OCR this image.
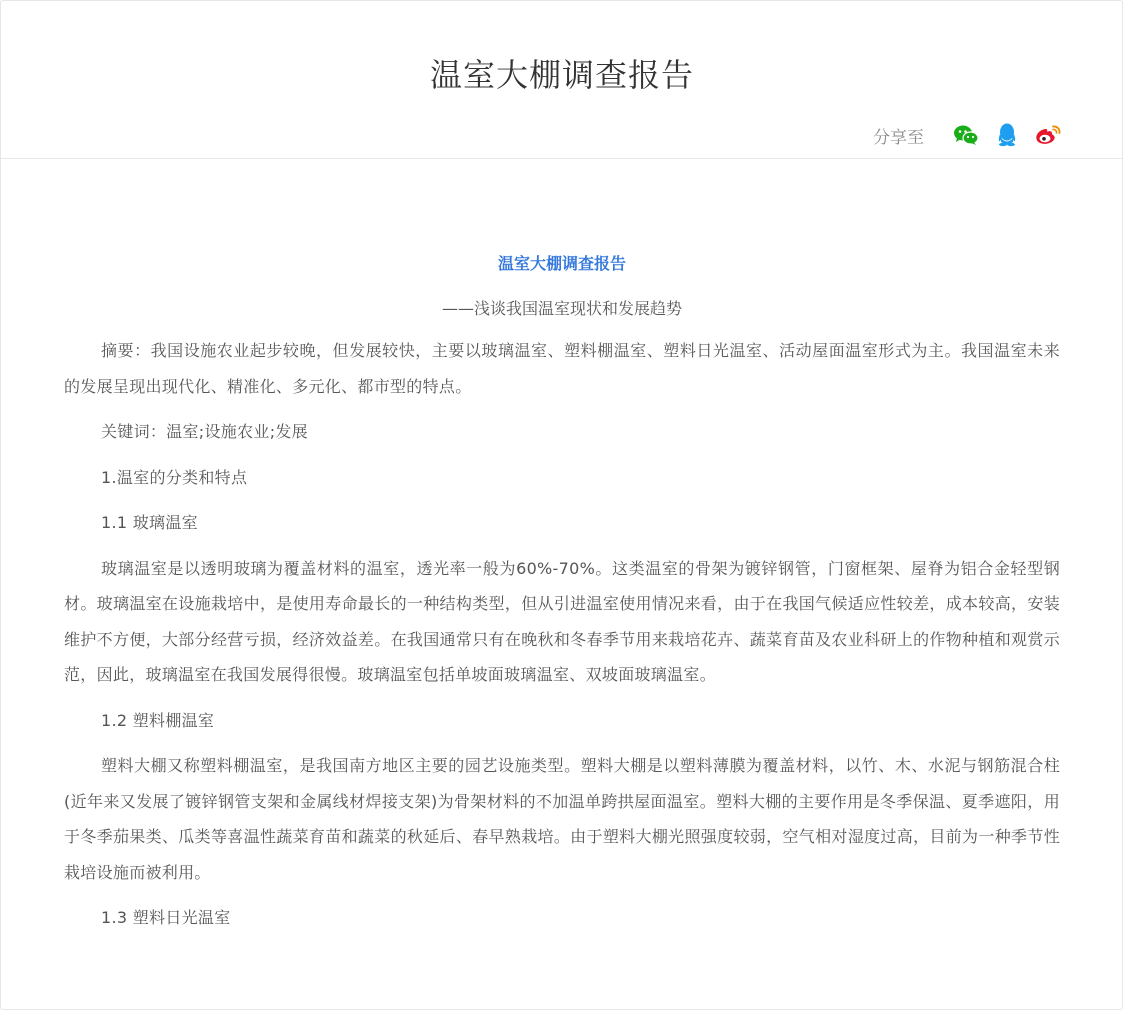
温室大棚调查报告
分享至
温室大棚调查报告
——浅谈我国温室现状和发展趋势

摘要：我国设施农业起步较晚，但发展较快，主要以玻璃温室、塑料棚温室、塑料日光温室、活动屋面温室形式为主。我国温室未来的发展呈现出现代化、精准化、多元化、都市型的特点。

关键词：温室;设施农业;发展

1.温室的分类和特点

1.1 玻璃温室

玻璃温室是以透明玻璃为覆盖材料的温室，透光率一般为60%-70%。这类温室的骨架为镀锌钢管，门窗框架、屋脊为铝合金轻型钢材。玻璃温室在设施栽培中，是使用寿命最长的一种结构类型，但从引进温室使用情况来看，由于在我国气候适应性较差，成本较高，安装维护不方便，大部分经营亏损，经济效益差。在我国通常只有在晚秋和冬春季节用来栽培花卉、蔬菜育苗及农业科研上的作物种植和观赏示范，因此，玻璃温室在我国发展得很慢。玻璃温室包括单坡面玻璃温室、双坡面玻璃温室。

1.2 塑料棚温室

塑料大棚又称塑料棚温室，是我国南方地区主要的园艺设施类型。塑料大棚是以塑料薄膜为覆盖材料，以竹、木、水泥与钢筋混合柱(近年来又发展了镀锌钢管支架和金属线材焊接支架)为骨架材料的不加温单跨拱屋面温室。塑料大棚的主要作用是冬季保温、夏季遮阳，用于冬季茄果类、瓜类等喜温性蔬菜育苗和蔬菜的秋延后、春早熟栽培。由于塑料大棚光照强度较弱，空气相对湿度过高，目前为一种季节性栽培设施而被利用。

1.3 塑料日光温室
